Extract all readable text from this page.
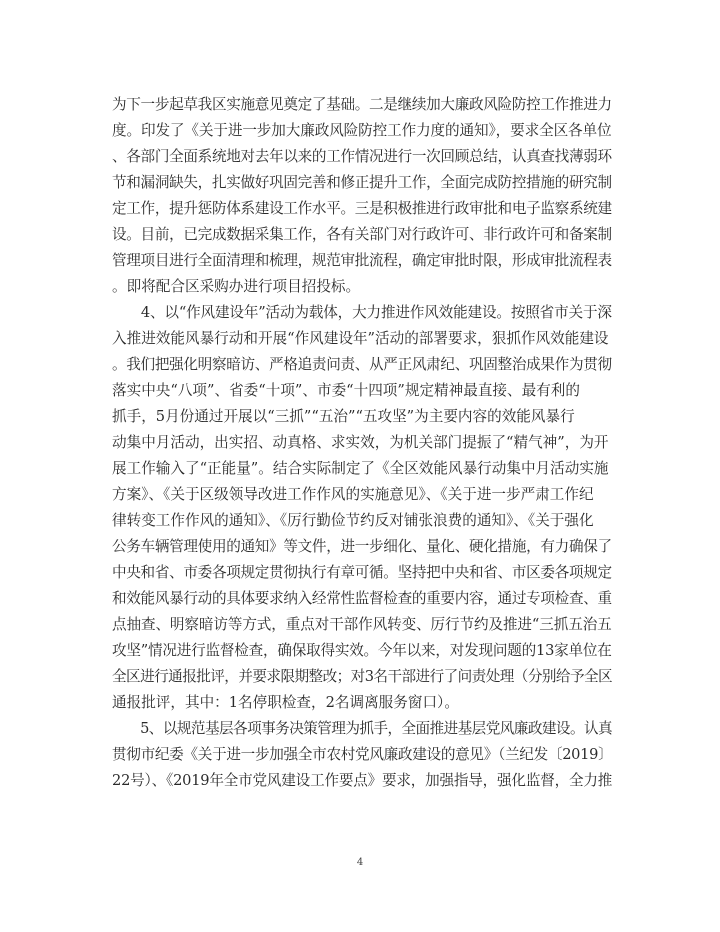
为下一步起草我区实施意见奠定了基础。二是继续加大廉政风险防控工作推进力
度。印发了《关于进一步加大廉政风险防控工作力度的通知》，要求全区各单位
、各部门全面系统地对去年以来的工作情况进行一次回顾总结，认真查找薄弱环
节和漏洞缺失，扎实做好巩固完善和修正提升工作，全面完成防控措施的研究制
定工作，提升惩防体系建设工作水平。三是积极推进行政审批和电子监察系统建
设。目前，已完成数据采集工作，各有关部门对行政许可、非行政许可和备案制
管理项目进行全面清理和梳理，规范审批流程，确定审批时限，形成审批流程表
。即将配合区采购办进行项目招投标。
　　4、以“作风建设年”活动为载体，大力推进作风效能建设。按照省市关于深
入推进效能风暴行动和开展“作风建设年”活动的部署要求，狠抓作风效能建设
。我们把强化明察暗访、严格追责问责、从严正风肃纪、巩固整治成果作为贯彻
落实中央“八项”、省委“十项”、市委“十四项”规定精神最直接、最有利的
抓手，5月份通过开展以“三抓”“五治”“五攻坚”为主要内容的效能风暴行
动集中月活动，出实招、动真格、求实效，为机关部门提振了“精气神”，为开
展工作输入了“正能量”。结合实际制定了《全区效能风暴行动集中月活动实施
方案》、《关于区级领导改进工作作风的实施意见》、《关于进一步严肃工作纪
律转变工作作风的通知》、《厉行勤俭节约反对铺张浪费的通知》、《关于强化
公务车辆管理使用的通知》等文件，进一步细化、量化、硬化措施，有力确保了
中央和省、市委各项规定贯彻执行有章可循。坚持把中央和省、市区委各项规定
和效能风暴行动的具体要求纳入经常性监督检查的重要内容，通过专项检查、重
点抽查、明察暗访等方式，重点对干部作风转变、厉行节约及推进“三抓五治五
攻坚”情况进行监督检查，确保取得实效。今年以来，对发现问题的13家单位在
全区进行通报批评，并要求限期整改；对3名干部进行了问责处理（分别给予全区
通报批评，其中：1名停职检查，2名调离服务窗口）。
　　5、以规范基层各项事务决策管理为抓手，全面推进基层党风廉政建设。认真
贯彻市纪委《关于进一步加强全市农村党风廉政建设的意见》（兰纪发〔2019〕
22号）、《2019年全市党风建设工作要点》要求，加强指导，强化监督，全力推
4
